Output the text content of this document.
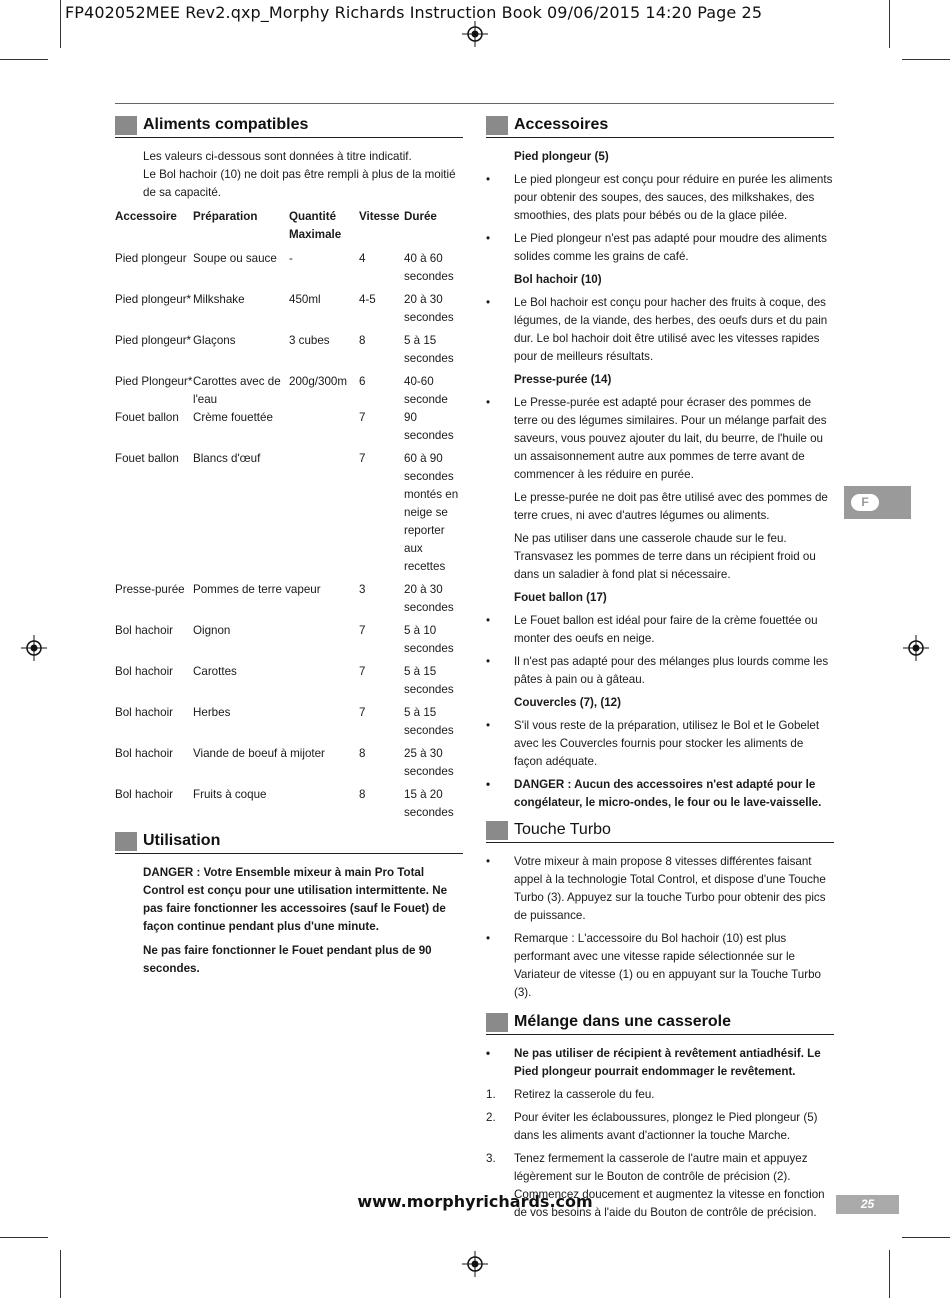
FP402052MEE Rev2.qxp_Morphy Richards Instruction Book 09/06/2015 14:20 Page 25
Aliments compatibles

Les valeurs ci-dessous sont données à titre indicatif.

Le Bol hachoir (10) ne doit pas être rempli à plus de la moitié de sa capacité.

Accessoire	Préparation	Quantité Maximale	Vitesse	Durée
Pied plongeur	Soupe ou sauce	-	4	40 à 60 secondes
Pied plongeur*	Milkshake	450ml	4-5	20 à 30 secondes
Pied plongeur*	Glaçons	3 cubes	8	5 à 15 secondes
Pied Plongeur*	Carottes avec de l'eau	200g/300m	6	40-60 seconde
Fouet ballon	Crème fouettée		7	90 secondes
Fouet ballon	Blancs d'œuf		7	60 à 90 secondes montés en neige se reporter aux recettes
Presse-purée	Pommes de terre vapeur		3	20 à 30 secondes
Bol hachoir	Oignon		7	5 à 10 secondes
Bol hachoir	Carottes		7	5 à 15 secondes
Bol hachoir	Herbes		7	5 à 15 secondes
Bol hachoir	Viande de boeuf à mijoter		8	25 à 30 secondes
Bol hachoir	Fruits à coque		8	15 à 20 secondes
Utilisation

DANGER : Votre Ensemble mixeur à main Pro Total Control est conçu pour une utilisation intermittente. Ne pas faire fonctionner les accessoires (sauf le Fouet) de façon continue pendant plus d'une minute.

Ne pas faire fonctionner le Fouet pendant plus de 90 secondes.

Accessoires
Pied plongeur (5)
• Le pied plongeur est conçu pour réduire en purée les aliments pour obtenir des soupes, des sauces, des milkshakes, des smoothies, des plats pour bébés ou de la glace pilée.
• Le Pied plongeur n'est pas adapté pour moudre des aliments solides comme les grains de café.
Bol hachoir (10)
• Le Bol hachoir est conçu pour hacher des fruits à coque, des légumes, de la viande, des herbes, des oeufs durs et du pain dur. Le bol hachoir doit être utilisé avec les vitesses rapides pour de meilleurs résultats.
Presse-purée (14)
• Le Presse-purée est adapté pour écraser des pommes de terre ou des légumes similaires. Pour un mélange parfait des saveurs, vous pouvez ajouter du lait, du beurre, de l'huile ou un assaisonnement autre aux pommes de terre avant de commencer à les réduire en purée.
Le presse-purée ne doit pas être utilisé avec des pommes de terre crues, ni avec d'autres légumes ou aliments.
Ne pas utiliser dans une casserole chaude sur le feu. Transvasez les pommes de terre dans un récipient froid ou dans un saladier à fond plat si nécessaire.
Fouet ballon (17)
• Le Fouet ballon est idéal pour faire de la crème fouettée ou monter des oeufs en neige.
• Il n'est pas adapté pour des mélanges plus lourds comme les pâtes à pain ou à gâteau.
Couvercles (7), (12)
• S'il vous reste de la préparation, utilisez le Bol et le Gobelet avec les Couvercles fournis pour stocker les aliments de façon adéquate.
• DANGER : Aucun des accessoires n'est adapté pour le congélateur, le micro-ondes, le four ou le lave-vaisselle.
Touche Turbo
• Votre mixeur à main propose 8 vitesses différentes faisant appel à la technologie Total Control, et dispose d'une Touche Turbo (3). Appuyez sur la touche Turbo pour obtenir des pics de puissance.
• Remarque : L'accessoire du Bol hachoir (10) est plus performant avec une vitesse rapide sélectionnée sur le Variateur de vitesse (1) ou en appuyant sur la Touche Turbo (3).
Mélange dans une casserole
• Ne pas utiliser de récipient à revêtement antiadhésif. Le Pied plongeur pourrait endommager le revêtement.
1. Retirez la casserole du feu.
2. Pour éviter les éclaboussures, plongez le Pied plongeur (5) dans les aliments avant d'actionner la touche Marche.
3. Tenez fermement la casserole de l'autre main et appuyez légèrement sur le Bouton de contrôle de précision (2). Commencez doucement et augmentez la vitesse en fonction de vos besoins à l'aide du Bouton de contrôle de précision.
F
www.morphyrichards.com	25
